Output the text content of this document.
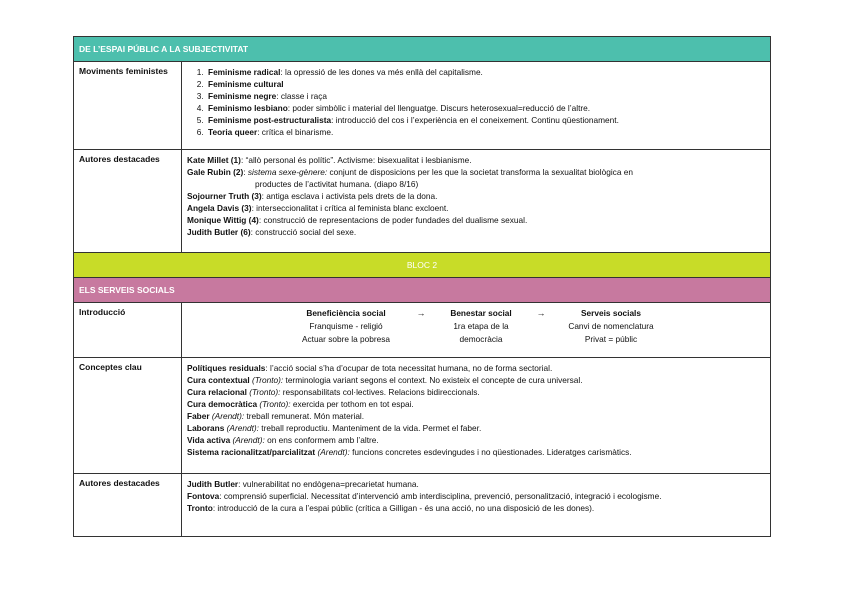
DE L’ESPAI PÚBLIC A LA SUBJECTIVITAT
Moviments feministes
1.	Feminisme radical: la opressió de les dones va més enllà del capitalisme.
2. Feminisme cultural
3. Feminisme negre: classe i raça
4. Feminismo lesbiano: poder simbòlic i material del llenguatge. Discurs heterosexual=reducció de l’altre.
5. Feminisme post-estructuralista: introducció del cos i l’experiència en el coneixement. Continu qüestionament.
6. Teoria queer: crítica el binarisme.
Autores destacades	Kate Millet (1): “allò personal és polític”. Activisme: bisexualitat i lesbianisme.

Gale Rubin (2): sistema sexe-gènere: conjunt de disposicions per les que la societat transforma la sexualitat biològica en

productes de l’activitat humana. (diapo 8/16)

Sojourner Truth (3): antiga esclava i activista pels drets de la dona.

Angela Davis (3): interseccionalitat i crítica al feminista blanc excloent.

Monique Wittig (4): construcció de representacions de poder fundades del dualisme sexual.

Judith Butler (6): construcció social del sexe.

BLOC 2
ELS SERVEIS SOCIALS
Introducció	Beneficiència social
Franquisme - religió
Actuar sobre la pobresa
→	Benestar social
1ra etapa de la
democràcia
→	Serveis socials
Canvi de nomenclatura
Privat = públic
Conceptes clau	Polítiques residuals: l’acció social s’ha d’ocupar de tota necessitat humana, no de forma sectorial.

Cura contextual (Tronto): terminologia variant segons el context. No existeix el concepte de cura universal.

Cura relacional (Tronto): responsabilitats col·lectives. Relacions bidireccionals.

Cura democràtica (Tronto): exercida per tothom en tot espai.

Faber (Arendt): treball remunerat. Món material.

Laborans (Arendt): treball reproductiu. Manteniment de la vida. Permet el faber.

Vida activa (Arendt): on ens conformem amb l’altre.

Sistema racionalitzat/parcialitzat (Arendt): funcions concretes esdevingudes i no qüestionades. Lideratges carismàtics.

Autores destacades	Judith Butler: vulnerabilitat no endògena=precarietat humana.

Fontova: comprensió superficial. Necessitat d’intervenció amb interdisciplina, prevenció, personalització, integració i ecologisme.

Tronto: introducció de la cura a l’espai públic (crítica a Gilligan - és una acció, no una disposició de les dones).
